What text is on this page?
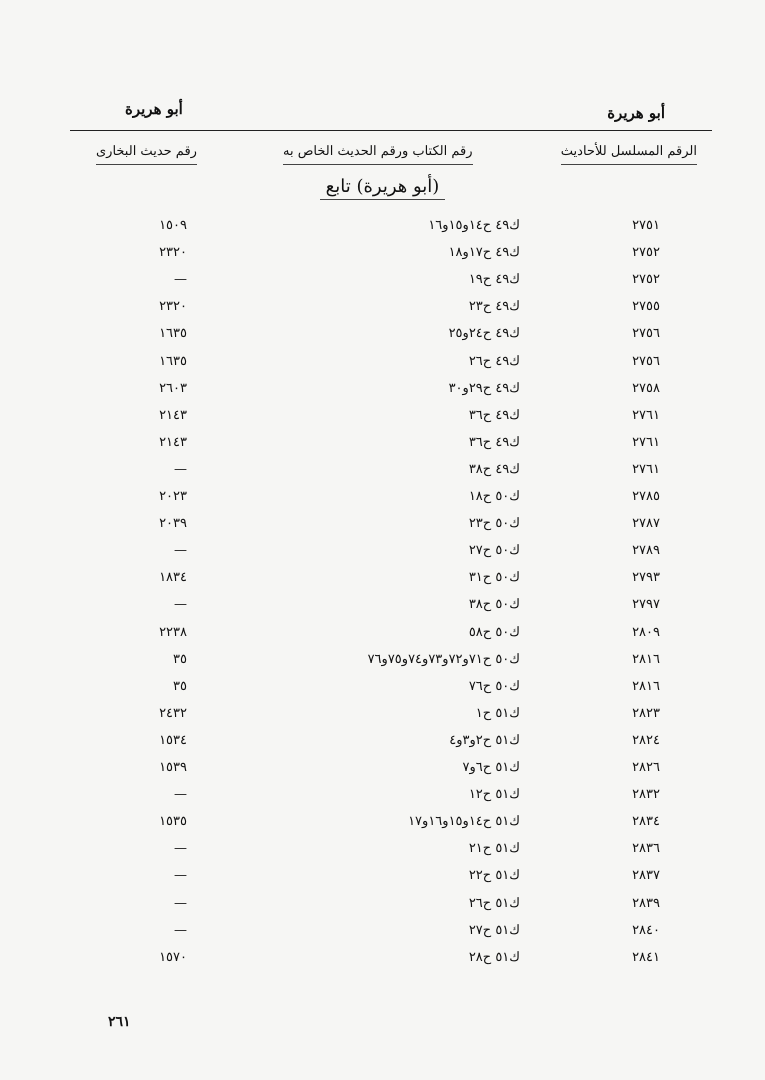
أبو هريرة
أبو هريرة
الرقم المسلسل للأحاديث
رقم الكتاب ورقم الحديث الخاص به
رقم حديث البخارى
(أبو هريرة) تابع
٢٧٥١
ك٤٩ ح١٤و١٥و١٦
١٥٠٩
٢٧٥٢
ك٤٩ ح١٧و١٨
٢٣٢٠
٢٧٥٢
ك٤٩ ح١٩
—
٢٧٥٥
ك٤٩ ح٢٣
٢٣٢٠
٢٧٥٦
ك٤٩ ح٢٤و٢٥
١٦٣٥
٢٧٥٦
ك٤٩ ح٢٦
١٦٣٥
٢٧٥٨
ك٤٩ ح٢٩و٣٠
٢٦٠٣
٢٧٦١
ك٤٩ ح٣٦
٢١٤٣
٢٧٦١
ك٤٩ ح٣٦
٢١٤٣
٢٧٦١
ك٤٩ ح٣٨
—
٢٧٨٥
ك٥٠ ح١٨
٢٠٢٣
٢٧٨٧
ك٥٠ ح٢٣
٢٠٣٩
٢٧٨٩
ك٥٠ ح٢٧
—
٢٧٩٣
ك٥٠ ح٣١
١٨٣٤
٢٧٩٧
ك٥٠ ح٣٨
—
٢٨٠٩
ك٥٠ ح٥٨
٢٢٣٨
٢٨١٦
ك٥٠ ح٧١و٧٢و٧٣و٧٤و٧٥و٧٦
٣٥
٢٨١٦
ك٥٠ ح٧٦
٣٥
٢٨٢٣
ك٥١ ح١
٢٤٣٢
٢٨٢٤
ك٥١ ح٢و٣و٤
١٥٣٤
٢٨٢٦
ك٥١ ح٦و٧
١٥٣٩
٢٨٣٢
ك٥١ ح١٢
—
٢٨٣٤
ك٥١ ح١٤و١٥و١٦و١٧
١٥٣٥
٢٨٣٦
ك٥١ ح٢١
—
٢٨٣٧
ك٥١ ح٢٢
—
٢٨٣٩
ك٥١ ح٢٦
—
٢٨٤٠
ك٥١ ح٢٧
—
٢٨٤١
ك٥١ ح٢٨
١٥٧٠
٢٦١
